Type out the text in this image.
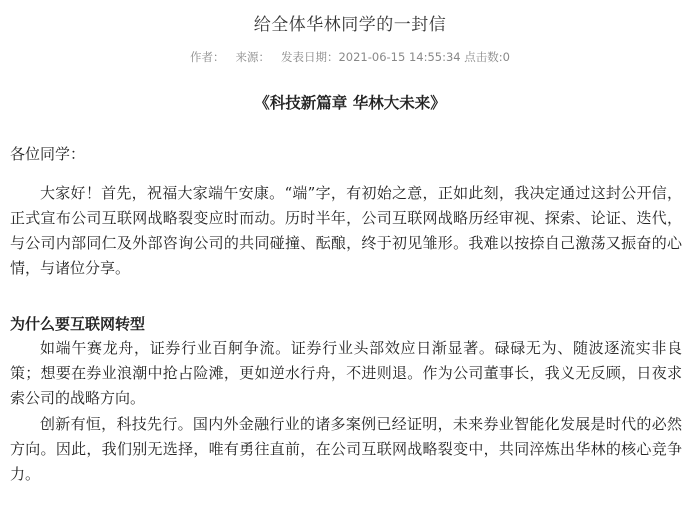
给全体华林同学的一封信
作者： 来源： 发表日期：2021-06-15 14:55:34 点击数:0
《科技新篇章 华林大未来》
各位同学：

大家好！首先，祝福大家端午安康。“端”字，有初始之意，正如此刻，我决定通过这封公开信，正式宣布公司互联网战略裂变应时而动。历时半年，公司互联网战略历经审视、探索、论证、迭代，与公司内部同仁及外部咨询公司的共同碰撞、酝酿，终于初见雏形。我难以按捺自己激荡又振奋的心情，与诸位分享。

为什么要互联网转型

如端午赛龙舟，证券行业百舸争流。证券行业头部效应日渐显著。碌碌无为、随波逐流实非良策；想要在券业浪潮中抢占险滩，更如逆水行舟，不进则退。作为公司董事长，我义无反顾，日夜求索公司的战略方向。

创新有恒，科技先行。国内外金融行业的诸多案例已经证明，未来券业智能化发展是时代的必然方向。因此，我们别无选择，唯有勇往直前，在公司互联网战略裂变中，共同淬炼出华林的核心竞争力。
